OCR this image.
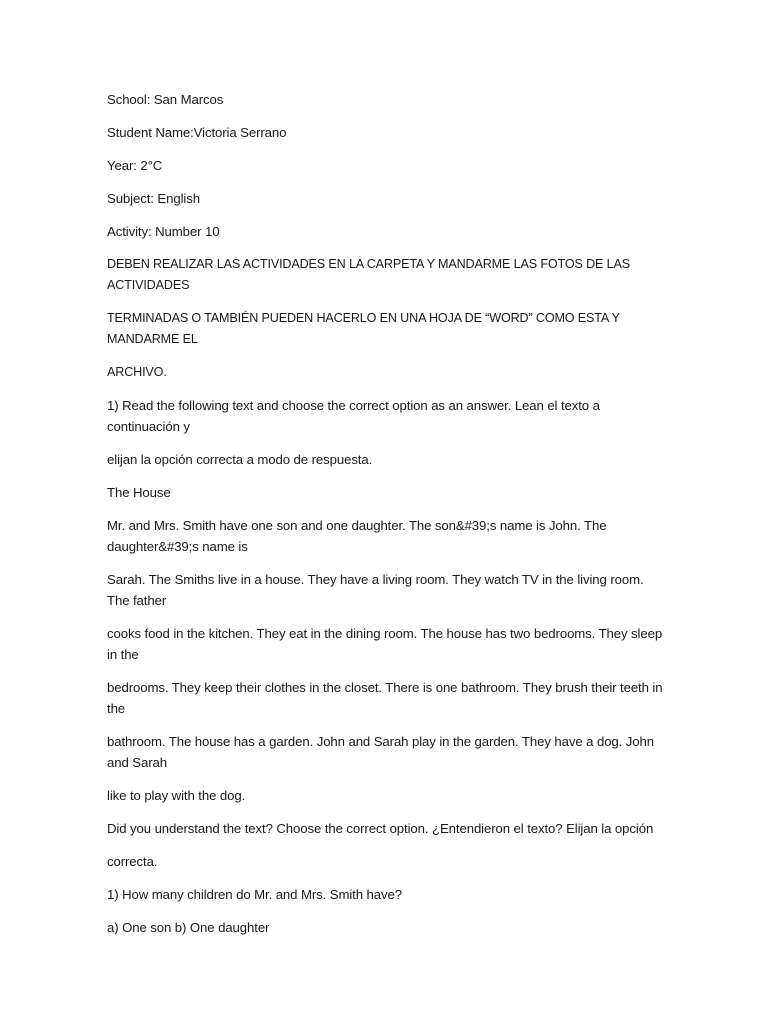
School: San Marcos

Student Name:Victoria Serrano

Year: 2°C

Subject: English

Activity: Number 10

DEBEN REALIZAR LAS ACTIVIDADES EN LA CARPETA Y MANDARME LAS FOTOS DE LAS ACTIVIDADES

TERMINADAS O TAMBIÉN PUEDEN HACERLO EN UNA HOJA DE “WORD” COMO ESTA Y MANDARME EL

ARCHIVO.

1) Read the following text and choose the correct option as an answer. Lean el texto a continuación y

elijan la opción correcta a modo de respuesta.

The House

Mr. and Mrs. Smith have one son and one daughter. The son&#39;s name is John. The daughter&#39;s name is

Sarah. The Smiths live in a house. They have a living room. They watch TV in the living room. The father

cooks food in the kitchen. They eat in the dining room. The house has two bedrooms. They sleep in the

bedrooms. They keep their clothes in the closet. There is one bathroom. They brush their teeth in the

bathroom. The house has a garden. John and Sarah play in the garden. They have a dog. John and Sarah

like to play with the dog.

Did you understand the text? Choose the correct option. ¿Entendieron el texto? Elijan la opción

correcta.

1) How many children do Mr. and Mrs. Smith have?

a) One son b) One daughter
